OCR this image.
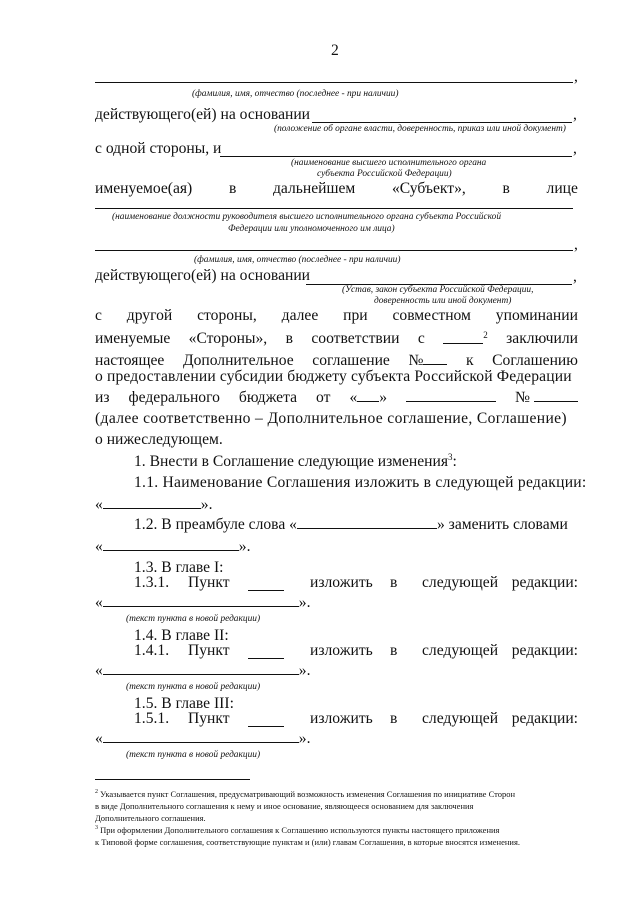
2
,
(фамилия, имя, отчество (последнее - при наличии)
действующего(ей) на основании	,
(положение об органе власти, доверенность, приказ или иной документ)
с одной стороны, и	,
(наименование высшего исполнительного органа
субъекта Российской Федерации)
именуемое(ая) в дальнейшем «Субъект», в лице
(наименование должности руководителя высшего исполнительного органа субъекта Российской
Федерации или уполномоченного им лица)
,
(фамилия, имя, отчество (последнее - при наличии)
действующего(ей) на основании	,
(Устав, закон субъекта Российской Федерации,
доверенность или иной документ)
с другой стороны, далее при совместном упоминании
именуемые «Стороны», в соответствии с	$^2$ заключили
настоящее Дополнительное соглашение №	к Соглашению
о предоставлении субсидии бюджету субъекта Российской Федерации
из федерального бюджета от « »	№
(далее соответственно – Дополнительное соглашение, Соглашение)
о нижеследующем.
1. Внести в Соглашение следующие изменения$^3$:
1.1. Наименование Соглашения изложить в следующей редакции:
«	».
1.2. В преамбуле слова «	» заменить словами
«	».
1.3. В главе I:
1.3.1. Пункт	изложить в следующей редакции:
«	».
(текст пункта в новой редакции)
1.4. В главе II:
1.4.1. Пункт	изложить в следующей редакции:
«	».
(текст пункта в новой редакции)
1.5. В главе III:
1.5.1. Пункт	изложить в следующей редакции:
«	».
(текст пункта в новой редакции)
$^2$ Указывается пункт Соглашения, предусматривающий возможность изменения Соглашения по инициативе Сторон
в виде Дополнительного соглашения к нему и иное основание, являющееся основанием для заключения
Дополнительного соглашения.
$^3$ При оформлении Дополнительного соглашения к Соглашению используются пункты настоящего приложения
к Типовой форме соглашения, соответствующие пунктам и (или) главам Соглашения, в которые вносятся изменения.
